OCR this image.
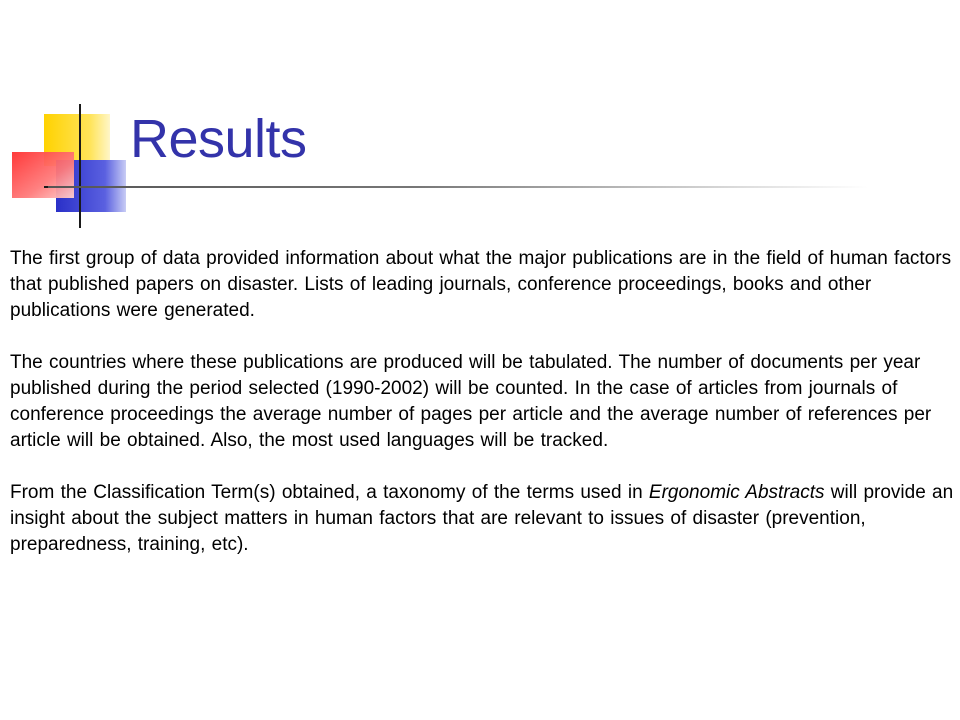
Results

The first group of data provided information about what the major publications are in the field of human factors that published papers on disaster. Lists of leading journals, conference proceedings, books and other publications were generated.

The countries where these publications are produced will be tabulated. The number of documents per year published during the period selected (1990-2002) will be counted. In the case of articles from journals of conference proceedings the average number of pages per article and the average number of references per article will be obtained. Also, the most used languages will be tracked.

From the Classification Term(s) obtained, a taxonomy of the terms used in Ergonomic Abstracts will provide an insight about the subject matters in human factors that are relevant to issues of disaster (prevention, preparedness, training, etc).
